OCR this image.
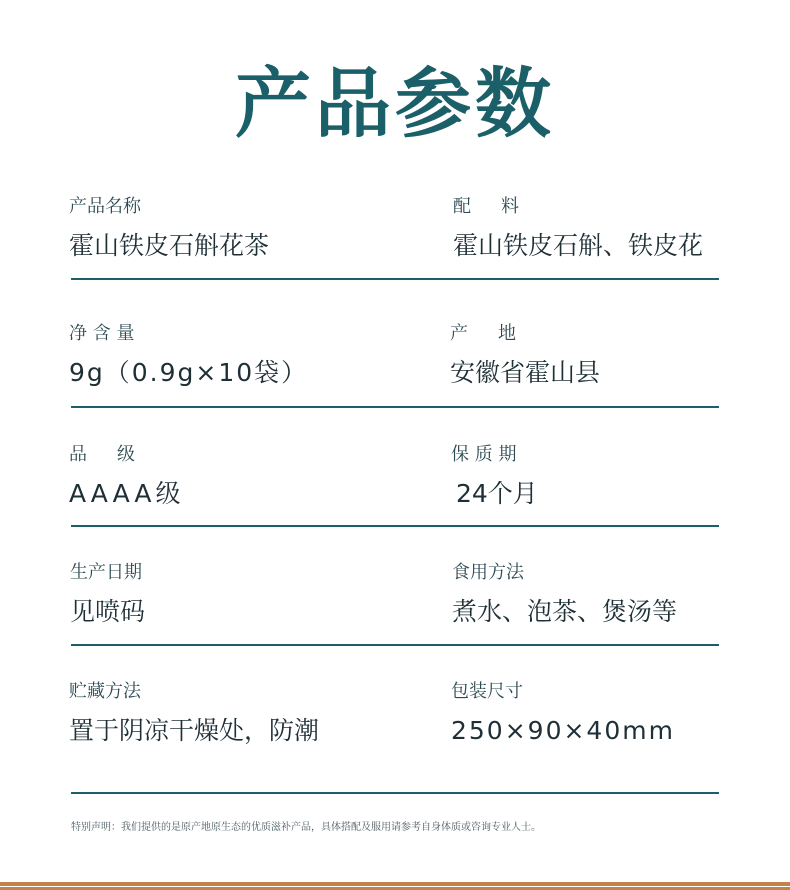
产品参数
产品名称
霍山铁皮石斛花茶
配　料
霍山铁皮石斛、铁皮花
净 含 量
9g（0.9g×10袋）
产　地
安徽省霍山县
品　级
AAAA级
保 质 期
24个月
生产日期
见喷码
食用方法
煮水、泡茶、煲汤等
贮藏方法
置于阴凉干燥处，防潮
包装尺寸
250×90×40mm
特别声明：我们提供的是原产地原生态的优质滋补产品，具体搭配及服用请参考自身体质或咨询专业人士。
